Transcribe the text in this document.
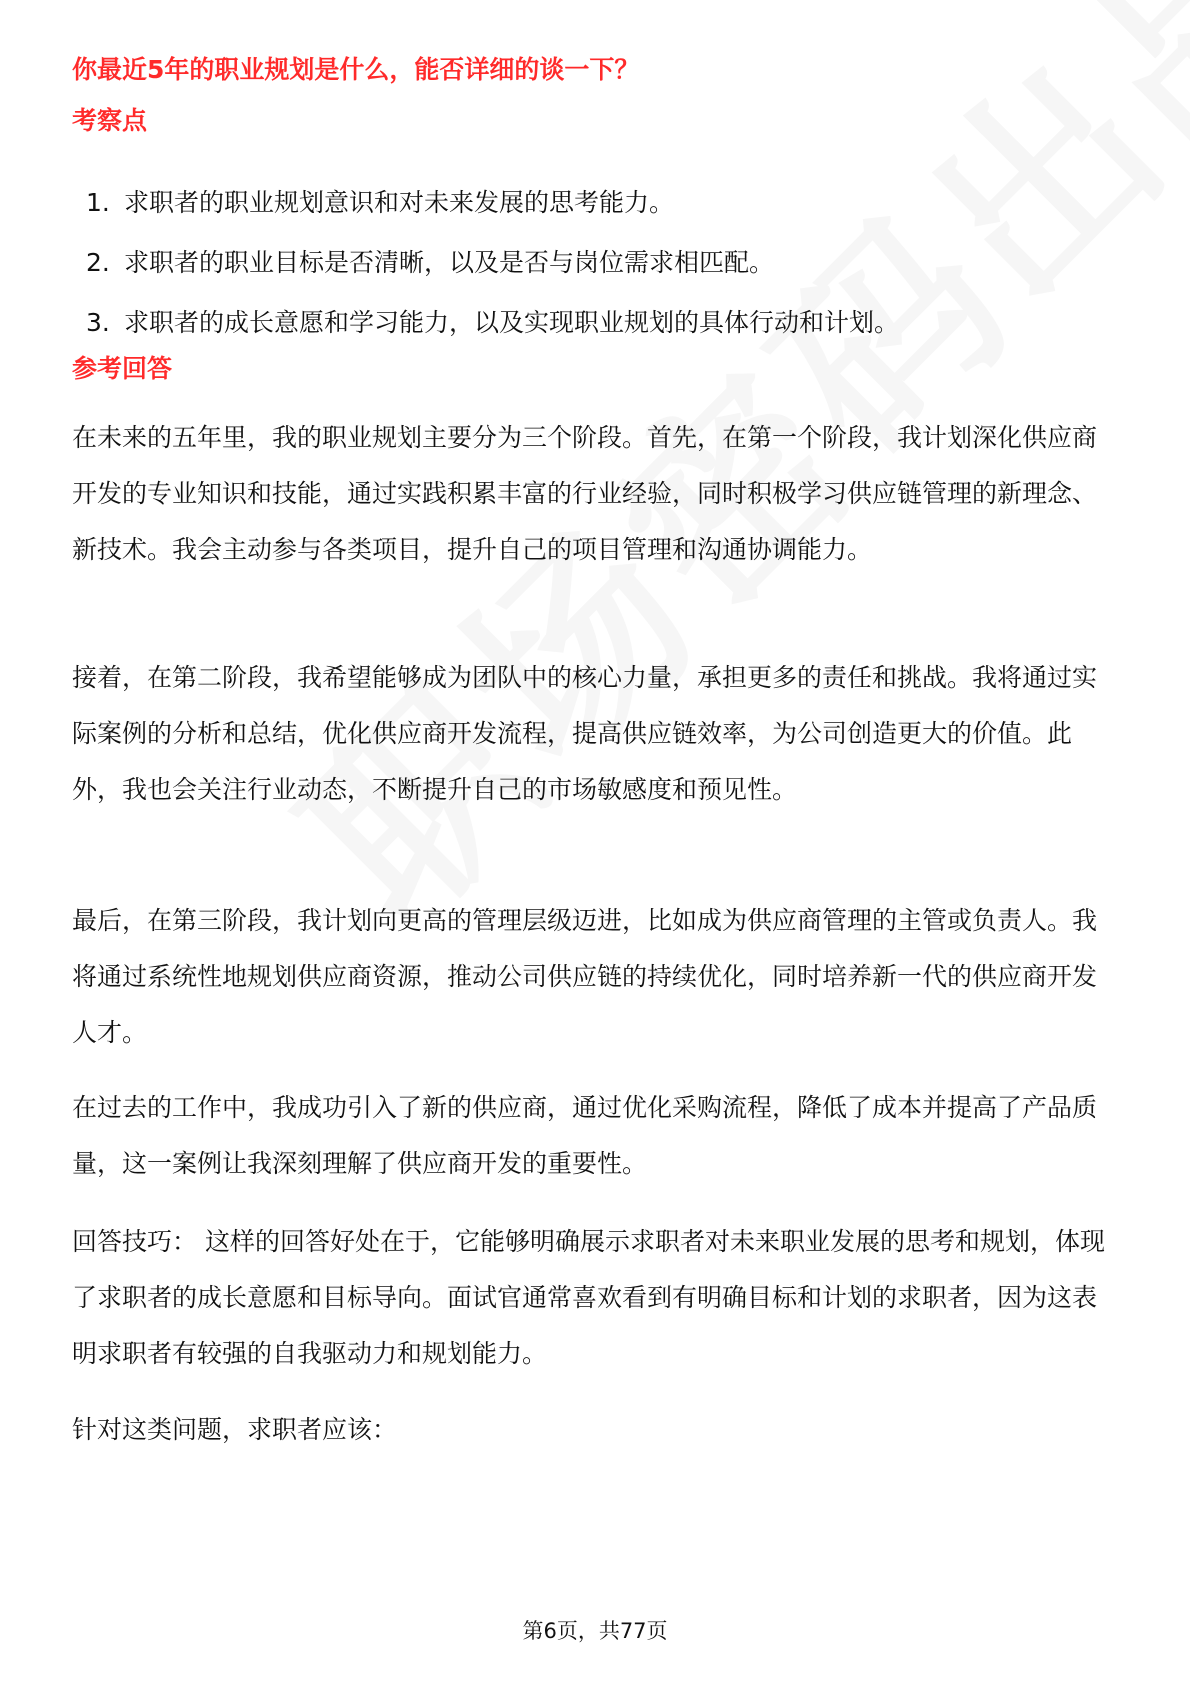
你最近5年的职业规划是什么，能否详细的谈一下？
考察点
1. 求职者的职业规划意识和对未来发展的思考能力。
2. 求职者的职业目标是否清晰，以及是否与岗位需求相匹配。
3. 求职者的成长意愿和学习能力，以及实现职业规划的具体行动和计划。
参考回答

在未来的五年里，我的职业规划主要分为三个阶段。首先，在第一个阶段，我计划深化供应商开发的专业知识和技能，通过实践积累丰富的行业经验，同时积极学习供应链管理的新理念、新技术。我会主动参与各类项目，提升自己的项目管理和沟通协调能力。

接着，在第二阶段，我希望能够成为团队中的核心力量，承担更多的责任和挑战。我将通过实际案例的分析和总结，优化供应商开发流程，提高供应链效率，为公司创造更大的价值。此外，我也会关注行业动态，不断提升自己的市场敏感度和预见性。

最后，在第三阶段，我计划向更高的管理层级迈进，比如成为供应商管理的主管或负责人。我将通过系统性地规划供应商资源，推动公司供应链的持续优化，同时培养新一代的供应商开发人才。

在过去的工作中，我成功引入了新的供应商，通过优化采购流程，降低了成本并提高了产品质量，这一案例让我深刻理解了供应商开发的重要性。

回答技巧： 这样的回答好处在于，它能够明确展示求职者对未来职业发展的思考和规划，体现了求职者的成长意愿和目标导向。面试官通常喜欢看到有明确目标和计划的求职者，因为这表明求职者有较强的自我驱动力和规划能力。

针对这类问题，求职者应该：

第6页，共77页
